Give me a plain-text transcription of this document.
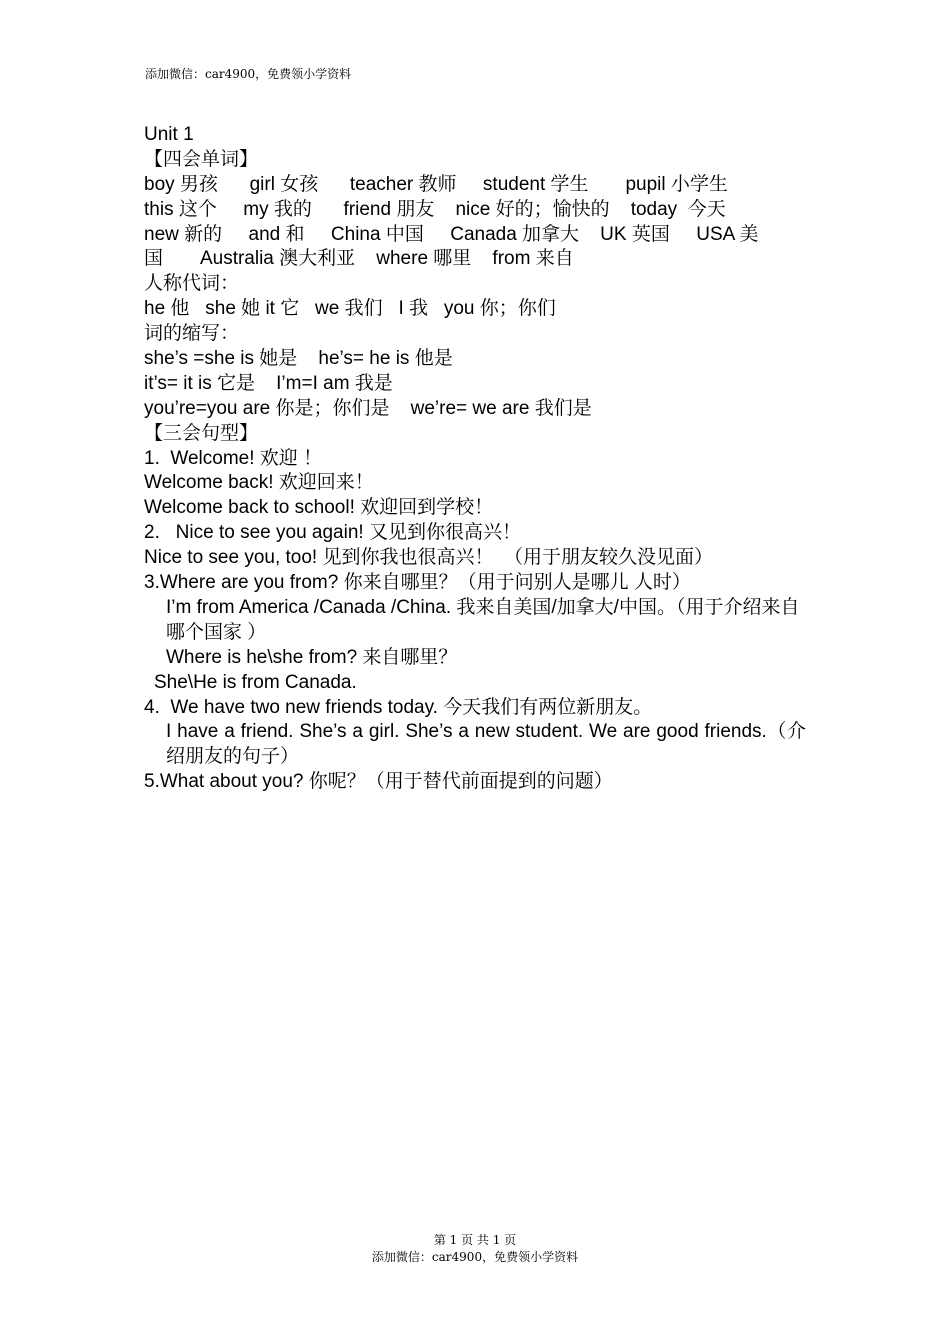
添加微信：car4900，免费领小学资料
Unit 1
【四会单词】
boy 男孩      girl 女孩      teacher 教师     student 学生       pupil 小学生
this 这个     my 我的      friend 朋友    nice 好的；愉快的    today  今天
new 新的     and 和     China 中国     Canada 加拿大    UK 英国     USA 美
国       Australia 澳大利亚    where 哪里    from 来自
人称代词：
he 他   she 她 it 它   we 我们   I 我   you 你；你们
词的缩写：
she’s =she is 她是    he’s= he is 他是
it’s= it is 它是    I’m=I am 我是
you’re=you are 你是；你们是    we’re= we are 我们是
【三会句型】
1.  Welcome! 欢迎 ！
Welcome back! 欢迎回来！
Welcome back to school! 欢迎回到学校！
2.   Nice to see you again! 又见到你很高兴！
Nice to see you, too! 见到你我也很高兴！  （用于朋友较久没见面）
3.Where are you from? 你来自哪里？（用于问别人是哪儿 人时）
I’m from America /Canada /China. 我来自美国/加拿大/中国。（用于介绍来自哪个国家 ）
Where is he\she from? 来自哪里？
She\He is from Canada.
4.  We have two new friends today. 今天我们有两位新朋友。
I have a friend. She’s a girl. She’s a new student. We are good friends.（介绍朋友的句子）
5.What about you? 你呢？（用于替代前面提到的问题）
第 1 页 共 1 页
添加微信：car4900，免费领小学资料
